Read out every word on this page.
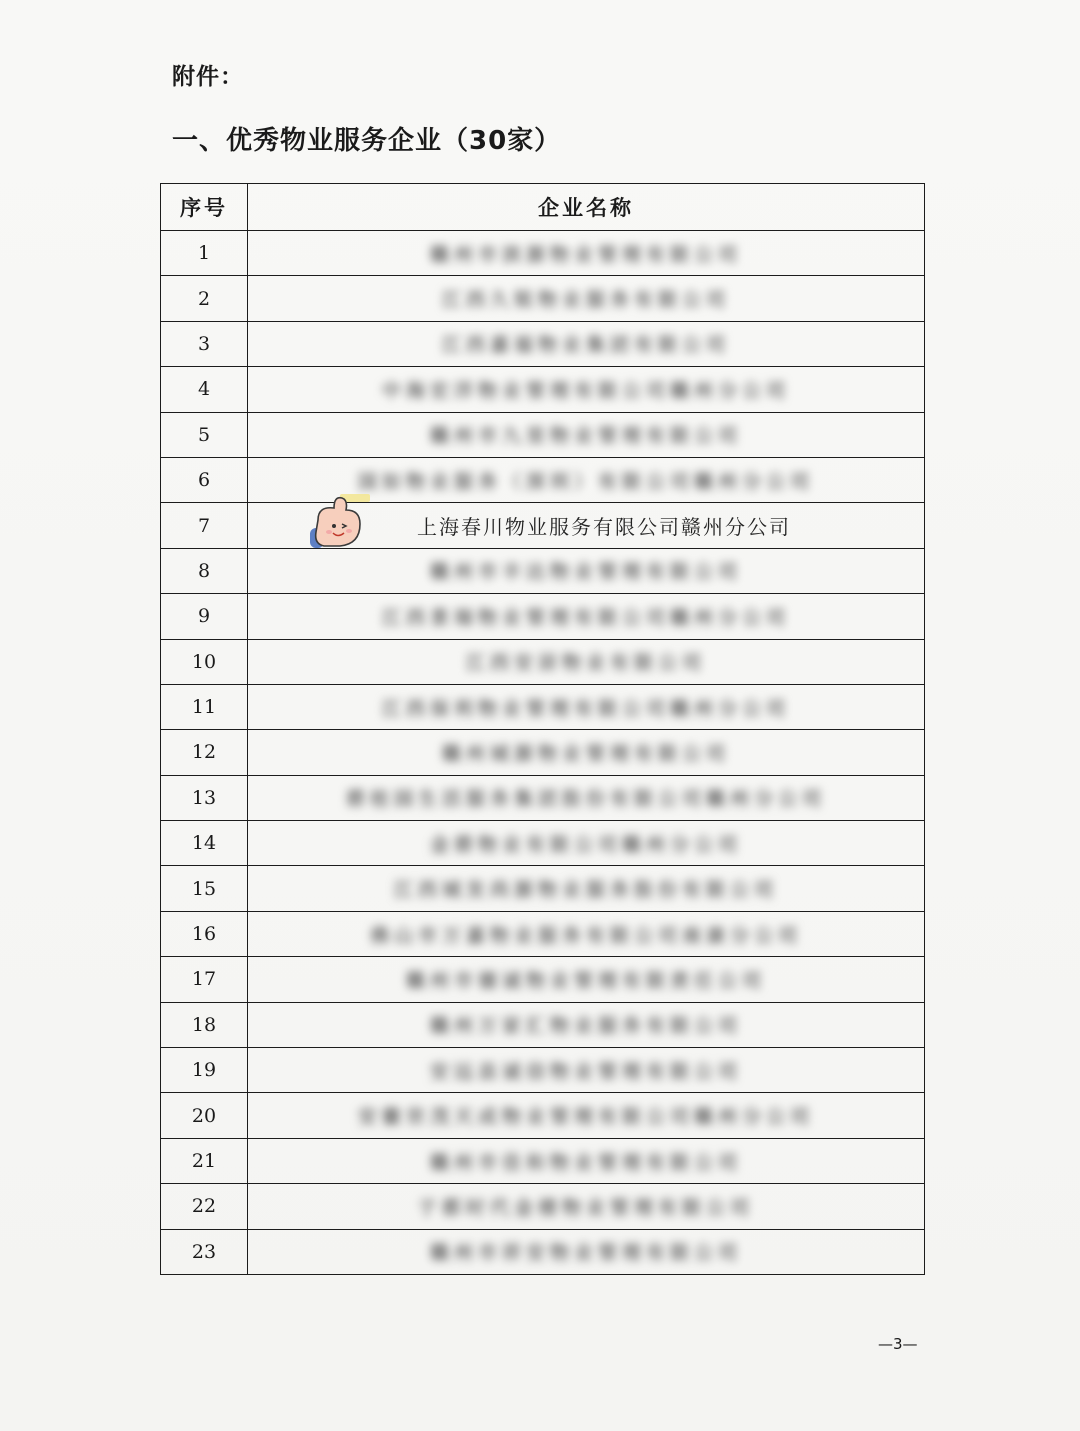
附件：
一、优秀物业服务企业（30家）
序号	企业名称
1	赣州市滨源物业管理有限公司
2	江西久锐物业服务有限公司
3	江西嘉福物业集团有限公司
4	中海宏洋物业管理有限公司赣州分公司
5	赣州市九里物业管理有限公司
6	国如物业服务（深圳）有限公司赣州分公司
7	上海春川物业服务有限公司赣州分公司
8	赣州市丰达物业管理有限公司
9	江西景瑞物业管理有限公司赣州分公司
10	江西安居物业有限公司
11	江西保利物业管理有限公司赣州分公司
12	赣州城源物业管理有限公司
13	碧桂园生活服务集团股份有限公司赣州分公司
14	金碧物业有限公司赣州分公司
15	江西城发尚源物业服务股份有限公司
16	佛山市万嘉物业服务有限公司南康分公司
17	赣州市德诚物业管理有限责任公司
18	赣州万家汇物业服务有限公司
19	安远县诚信物业管理有限公司
20	安徽世茂天成物业管理有限公司赣州分公司
21	赣州市佳和物业管理有限公司
22	于都时代金楼物业管理有限公司
23	赣州市祥安物业管理有限公司
—3—
